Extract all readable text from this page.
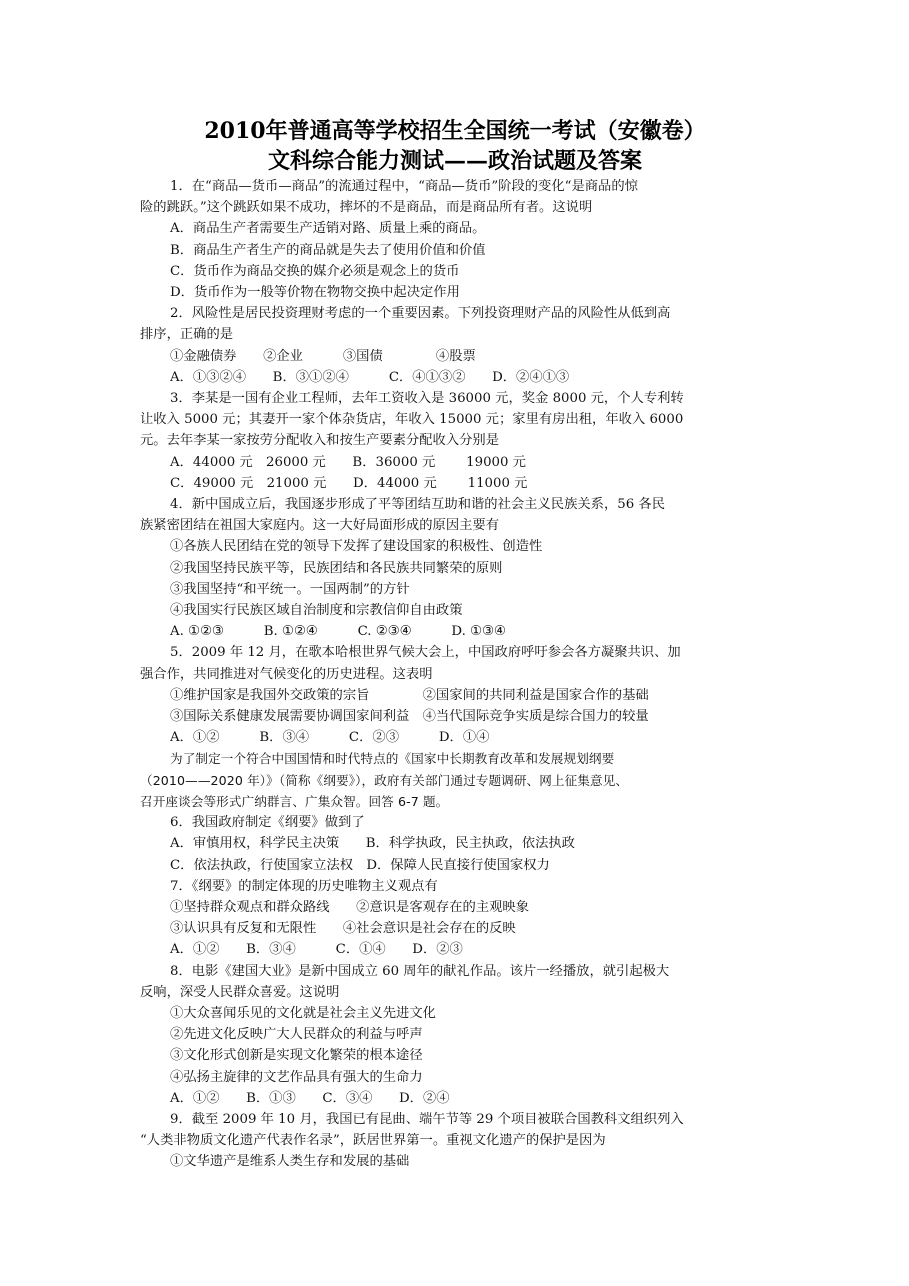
2010年普通高等学校招生全国统一考试（安徽卷）
文科综合能力测试——政治试题及答案
1．在“商品—货币—商品”的流通过程中，“商品—货币”阶段的变化“是商品的惊
险的跳跃。”这个跳跃如果不成功，摔坏的不是商品，而是商品所有者。这说明
A．商品生产者需要生产适销对路、质量上乘的商品。
B．商品生产者生产的商品就是失去了使用价值和价值
C．货币作为商品交换的媒介必须是观念上的货币
D．货币作为一般等价物在物物交换中起决定作用
2．风险性是居民投资理财考虑的一个重要因素。下列投资理财产品的风险性从低到高
排序，正确的是
①金融债券　　②企业　　　③国债　　　　④股票
A．①③②④　　B．③①②④　　　C．④①③②　　D．②④①③
3．李某是一国有企业工程师，去年工资收入是 36000 元，奖金 8000 元，个人专利转
让收入 5000 元；其妻开一家个体杂货店，年收入 15000 元；家里有房出租，年收入 6000
元。去年李某一家按劳分配收入和按生产要素分配收入分别是
A．44000 元　26000 元　　B．36000 元　　 19000 元
C．49000 元　21000 元　　D．44000 元　　 11000 元
4．新中国成立后，我国逐步形成了平等团结互助和谐的社会主义民族关系，56 各民
族紧密团结在祖国大家庭内。这一大好局面形成的原因主要有
①各族人民团结在党的领导下发挥了建设国家的积极性、创造性
②我国坚持民族平等，民族团结和各民族共同繁荣的原则
③我国坚持“和平统一。一国两制”的方针
④我国实行民族区域自治制度和宗教信仰自由政策
A. ①②③　　　B. ①②④　　　C. ②③④　　　D. ①③④
5．2009 年 12 月，在歌本哈根世界气候大会上，中国政府呼吁参会各方凝聚共识、加
强合作，共同推进对气候变化的历史进程。这表明
①维护国家是我国外交政策的宗旨　　　　②国家间的共同利益是国家合作的基础
③国际关系健康发展需要协调国家间利益　④当代国际竞争实质是综合国力的较量
A．①②　　　B．③④　　　C．②③　　　D．①④
为了制定一个符合中国国情和时代特点的《国家中长期教育改革和发展规划纲要
（2010——2020 年）》（简称《纲要》），政府有关部门通过专题调研、网上征集意见、
召开座谈会等形式广纳群言、广集众智。回答 6-7 题。
6．我国政府制定《纲要》做到了
A．审慎用权，科学民主决策　　B．科学执政，民主执政，依法执政
C．依法执政，行使国家立法权　D．保障人民直接行使国家权力
7．《纲要》的制定体现的历史唯物主义观点有
①坚持群众观点和群众路线　　②意识是客观存在的主观映象
③认识具有反复和无限性　　④社会意识是社会存在的反映
A．①②　　B．③④　　　C．①④　　D．②③
8．电影《建国大业》是新中国成立 60 周年的献礼作品。该片一经播放，就引起极大
反响，深受人民群众喜爱。这说明
①大众喜闻乐见的文化就是社会主义先进文化
②先进文化反映广大人民群众的利益与呼声
③文化形式创新是实现文化繁荣的根本途径
④弘扬主旋律的文艺作品具有强大的生命力
A．①②　　B．①③　　C．③④　　D．②④
9．截至 2009 年 10 月，我国已有昆曲、端午节等 29 个项目被联合国教科文组织列入
“人类非物质文化遗产代表作名录”，跃居世界第一。重视文化遗产的保护是因为
①文华遗产是维系人类生存和发展的基础
